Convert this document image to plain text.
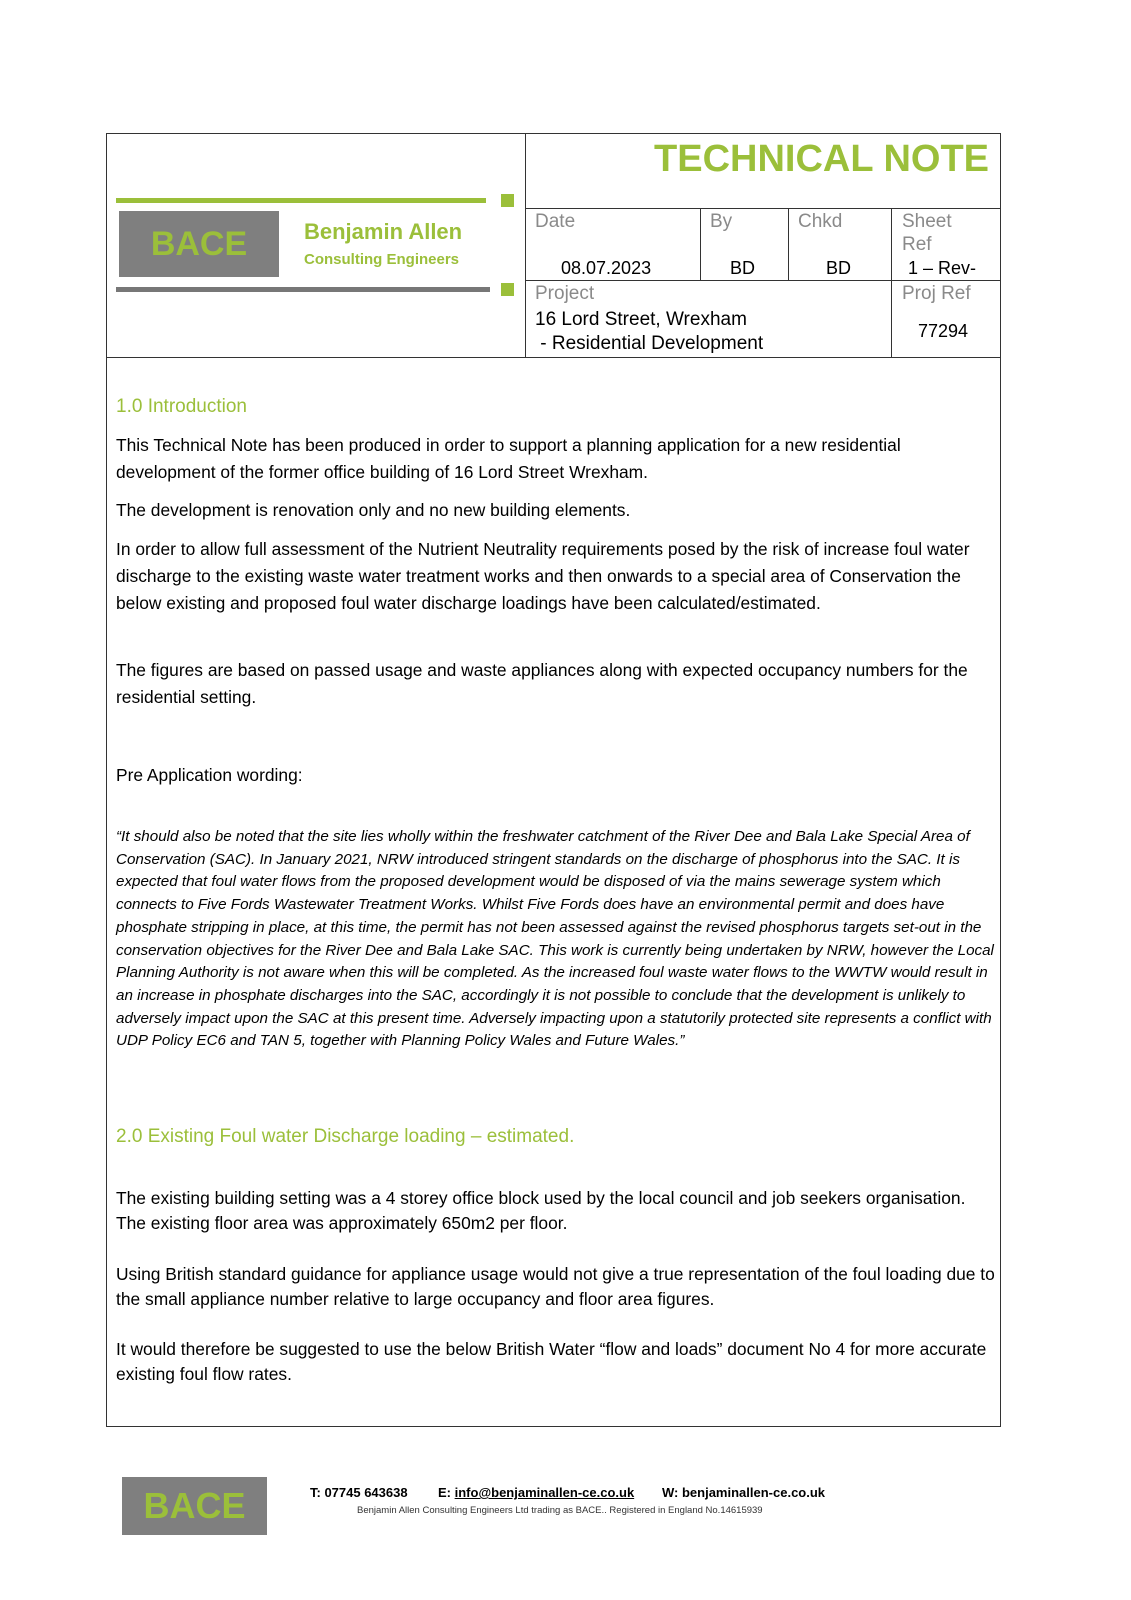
BACE	Benjamin Allen
Consulting Engineers
TECHNICAL NOTE
Date
08.07.2023
By
BD
Chkd
BD
Sheet
Ref
1 – Rev-
Project
16 Lord Street, Wrexham
- Residential Development
Proj Ref
77294
1.0 Introduction
This Technical Note has been produced in order to support a planning application for a new residential development of the former office building of 16 Lord Street Wrexham.
The development is renovation only and no new building elements.
In order to allow full assessment of the Nutrient Neutrality requirements posed by the risk of increase foul water discharge to the existing waste water treatment works and then onwards to a special area of Conservation the below existing and proposed foul water discharge loadings have been calculated/estimated.
The figures are based on passed usage and waste appliances along with expected occupancy numbers for the residential setting.
Pre Application wording:
“It should also be noted that the site lies wholly within the freshwater catchment of the River Dee and Bala Lake Special Area of Conservation (SAC). In January 2021, NRW introduced stringent standards on the discharge of phosphorus into the SAC. It is expected that foul water flows from the proposed development would be disposed of via the mains sewerage system which connects to Five Fords Wastewater Treatment Works. Whilst Five Fords does have an environmental permit and does have phosphate stripping in place, at this time, the permit has not been assessed against the revised phosphorus targets set-out in the conservation objectives for the River Dee and Bala Lake SAC. This work is currently being undertaken by NRW, however the Local Planning Authority is not aware when this will be completed. As the increased foul waste water flows to the WWTW would result in an increase in phosphate discharges into the SAC, accordingly it is not possible to conclude that the development is unlikely to adversely impact upon the SAC at this present time. Adversely impacting upon a statutorily protected site represents a conflict with UDP Policy EC6 and TAN 5, together with Planning Policy Wales and Future Wales.”
2.0 Existing Foul water Discharge loading – estimated.
The existing building setting was a 4 storey office block used by the local council and job seekers organisation. The existing floor area was approximately 650m2 per floor.
Using British standard guidance for appliance usage would not give a true representation of the foul loading due to the small appliance number relative to large occupancy and floor area figures.
It would therefore be suggested to use the below British Water “flow and loads” document No 4 for more accurate existing foul flow rates.
BACE	T: 07745 643638 E: info@benjaminallen-ce.co.uk W: benjaminallen-ce.co.uk
Benjamin Allen Consulting Engineers Ltd trading as BACE.. Registered in England No.14615939
